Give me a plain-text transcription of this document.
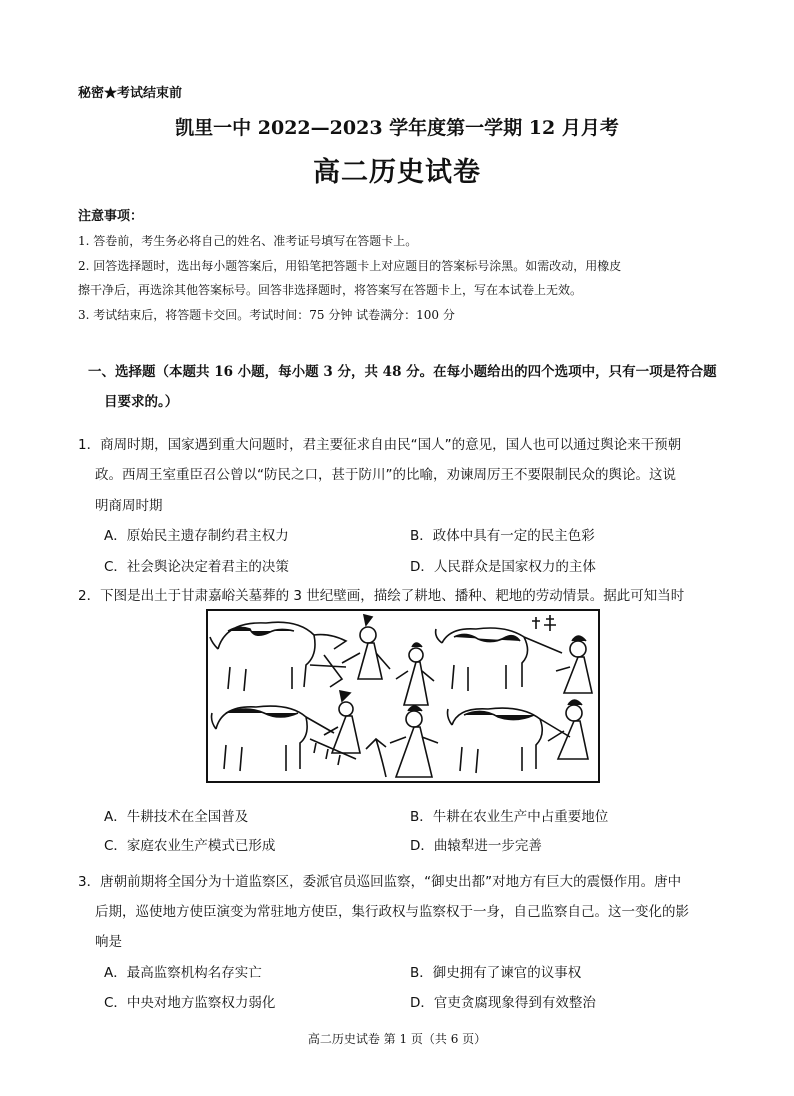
秘密★考试结束前
凯里一中 2022—2023 学年度第一学期 12 月月考
高二历史试卷
注意事项：
1. 答卷前，考生务必将自己的姓名、准考证号填写在答题卡上。
2. 回答选择题时，选出每小题答案后，用铅笔把答题卡上对应题目的答案标号涂黑。如需改动，用橡皮
擦干净后，再选涂其他答案标号。回答非选择题时，将答案写在答题卡上，写在本试卷上无效。
3. 考试结束后，将答题卡交回。考试时间：75 分钟 试卷满分：100 分
一、选择题（本题共 16 小题，每小题 3 分，共 48 分。在每小题给出的四个选项中，只有一项是符合题
目要求的。）
1．商周时期，国家遇到重大问题时，君主要征求自由民“国人”的意见，国人也可以通过舆论来干预朝
政。西周王室重臣召公曾以“防民之口，甚于防川”的比喻，劝谏周厉王不要限制民众的舆论。这说
明商周时期
A．原始民主遗存制约君主权力	B．政体中具有一定的民主色彩
C．社会舆论决定着君主的决策	D．人民群众是国家权力的主体
2．下图是出土于甘肃嘉峪关墓葬的 3 世纪壁画，描绘了耕地、播种、耙地的劳动情景。据此可知当时
A．牛耕技术在全国普及	B．牛耕在农业生产中占重要地位
C．家庭农业生产模式已形成	D．曲辕犁进一步完善
3．唐朝前期将全国分为十道监察区，委派官员巡回监察，“御史出都”对地方有巨大的震慑作用。唐中
后期，巡使地方使臣演变为常驻地方使臣，集行政权与监察权于一身，自己监察自己。这一变化的影
响是
A．最高监察机构名存实亡	B．御史拥有了谏官的议事权
C．中央对地方监察权力弱化	D．官吏贪腐现象得到有效整治
高二历史试卷 第 1 页（共 6 页）
